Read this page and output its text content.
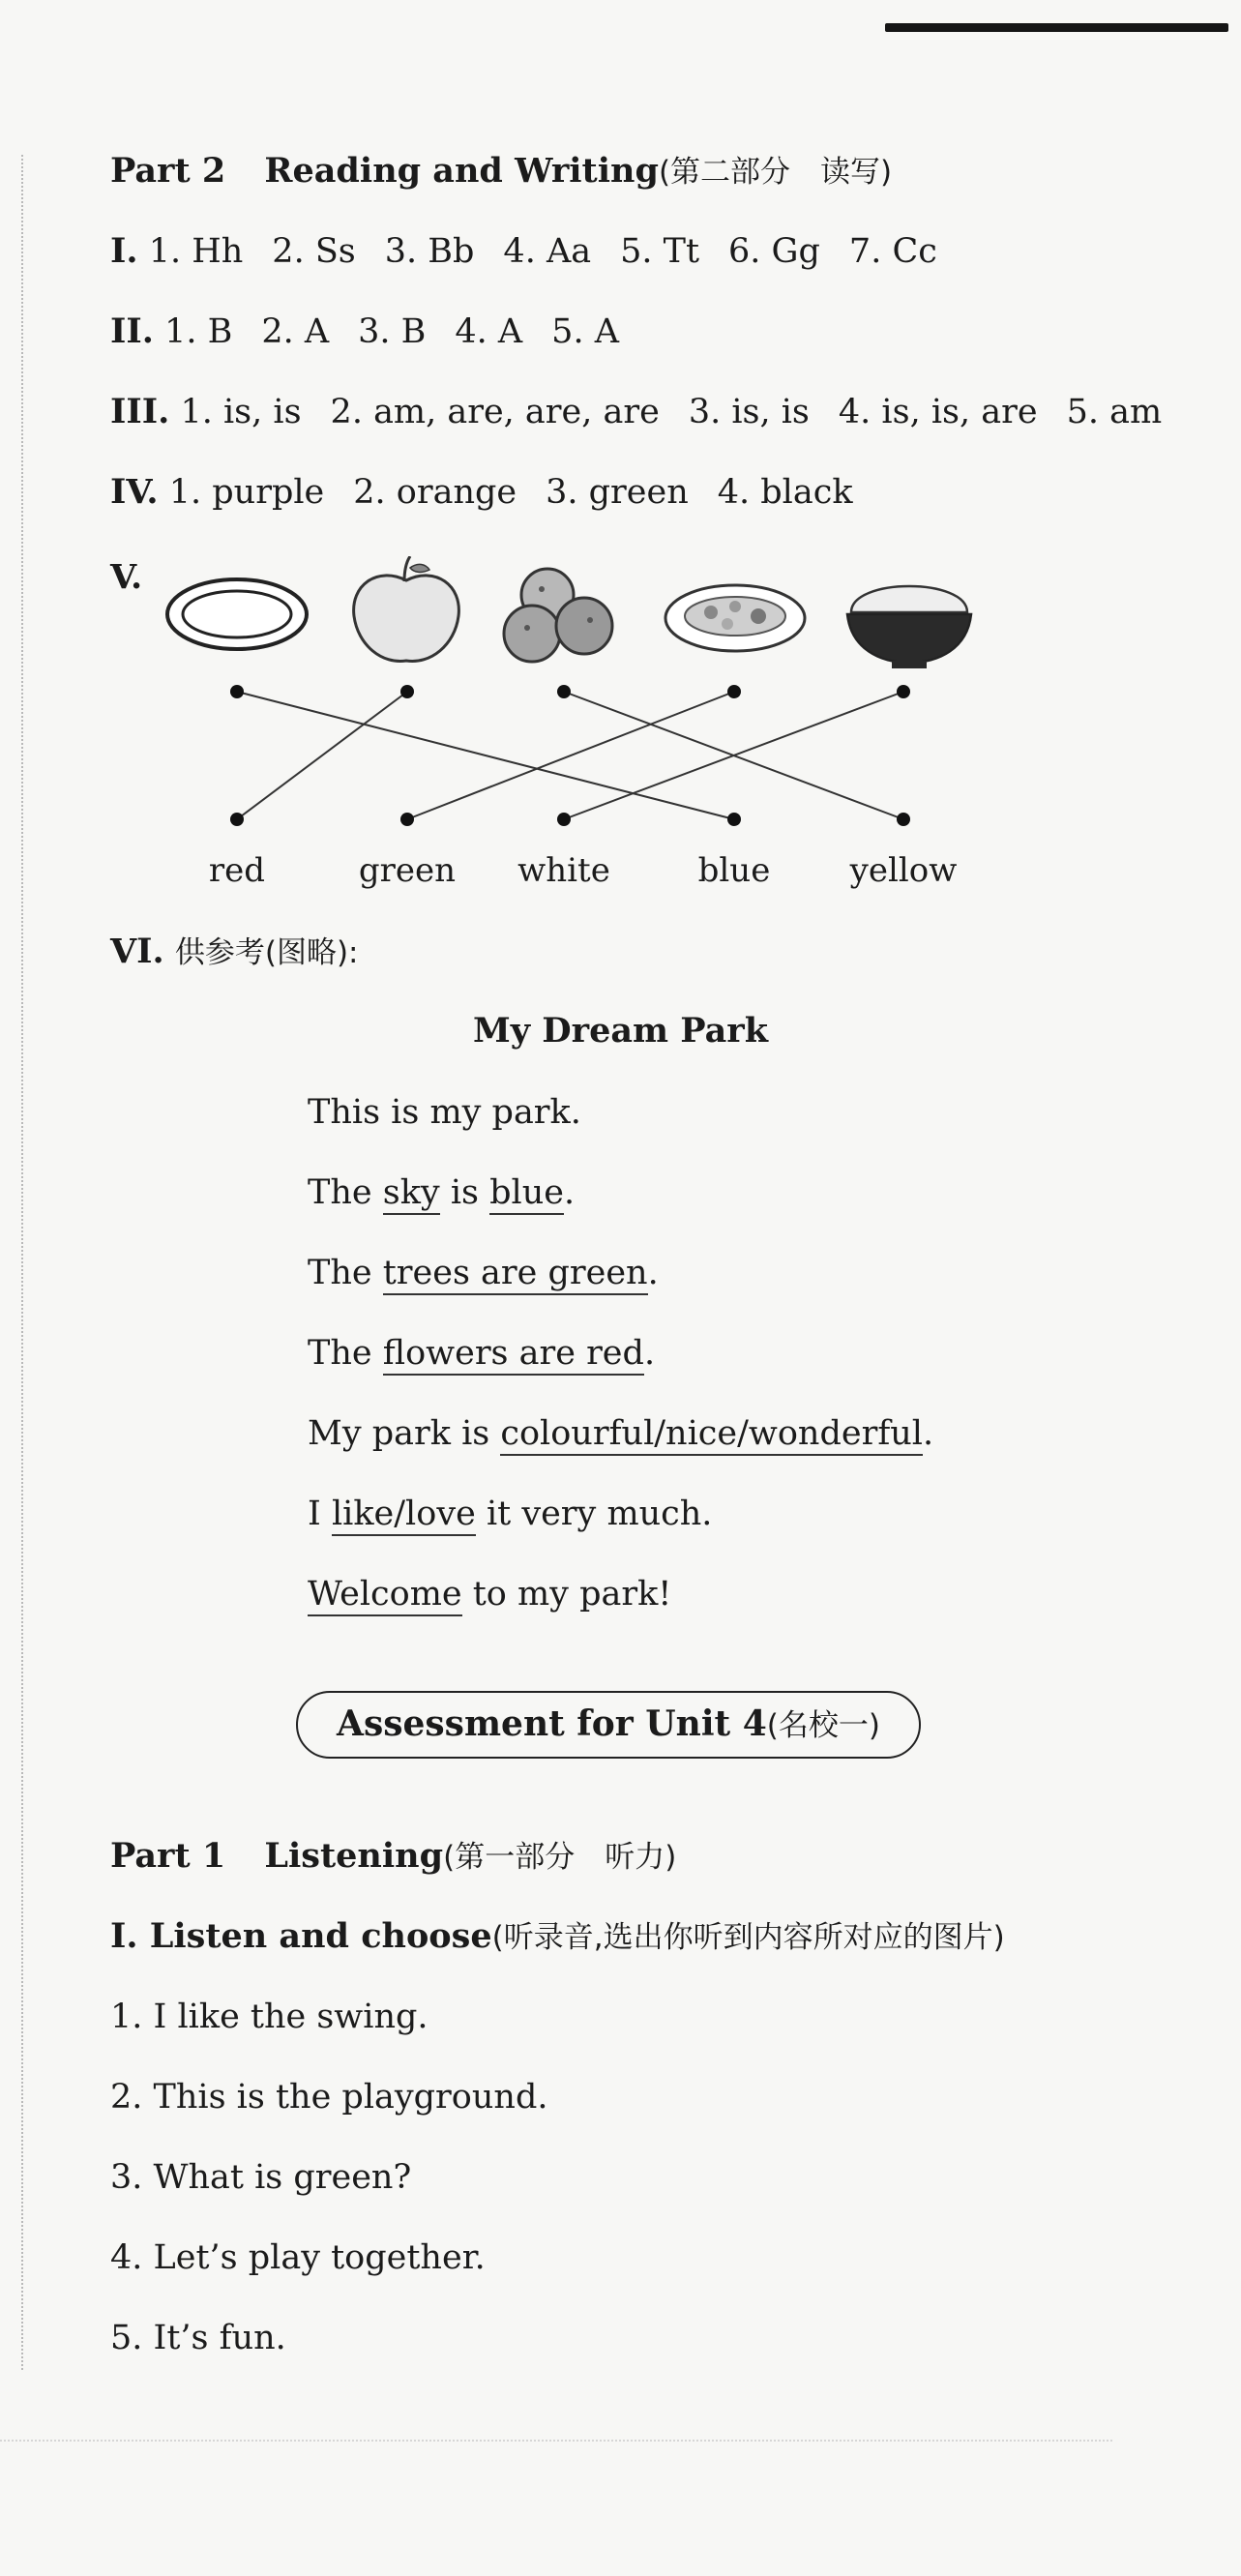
Part 2 Reading and Writing(第二部分　读写)
I. 1. Hh 2. Ss 3. Bb 4. Aa 5. Tt 6. Gg 7. Cc
II. 1. B 2. A 3. B 4. A 5. A
III. 1. is, is 2. am, are, are, are 3. is, is 4. is, is, are 5. am
IV. 1. purple 2. orange 3. green 4. black
V.
red	green white	blue yellow
VI. 供参考(图略):
My Dream Park
This is my park.
The sky is blue.
The trees are green.
The flowers are red.
My park is colourful/nice/wonderful.
I like/love it very much.
Welcome to my park!
Assessment for Unit 4(名校一)
Part 1 Listening(第一部分　听力)
I. Listen and choose(听录音,选出你听到内容所对应的图片)
1. I like the swing.
2. This is the playground.
3. What is green?
4. Let’s play together.
5. It’s fun.
